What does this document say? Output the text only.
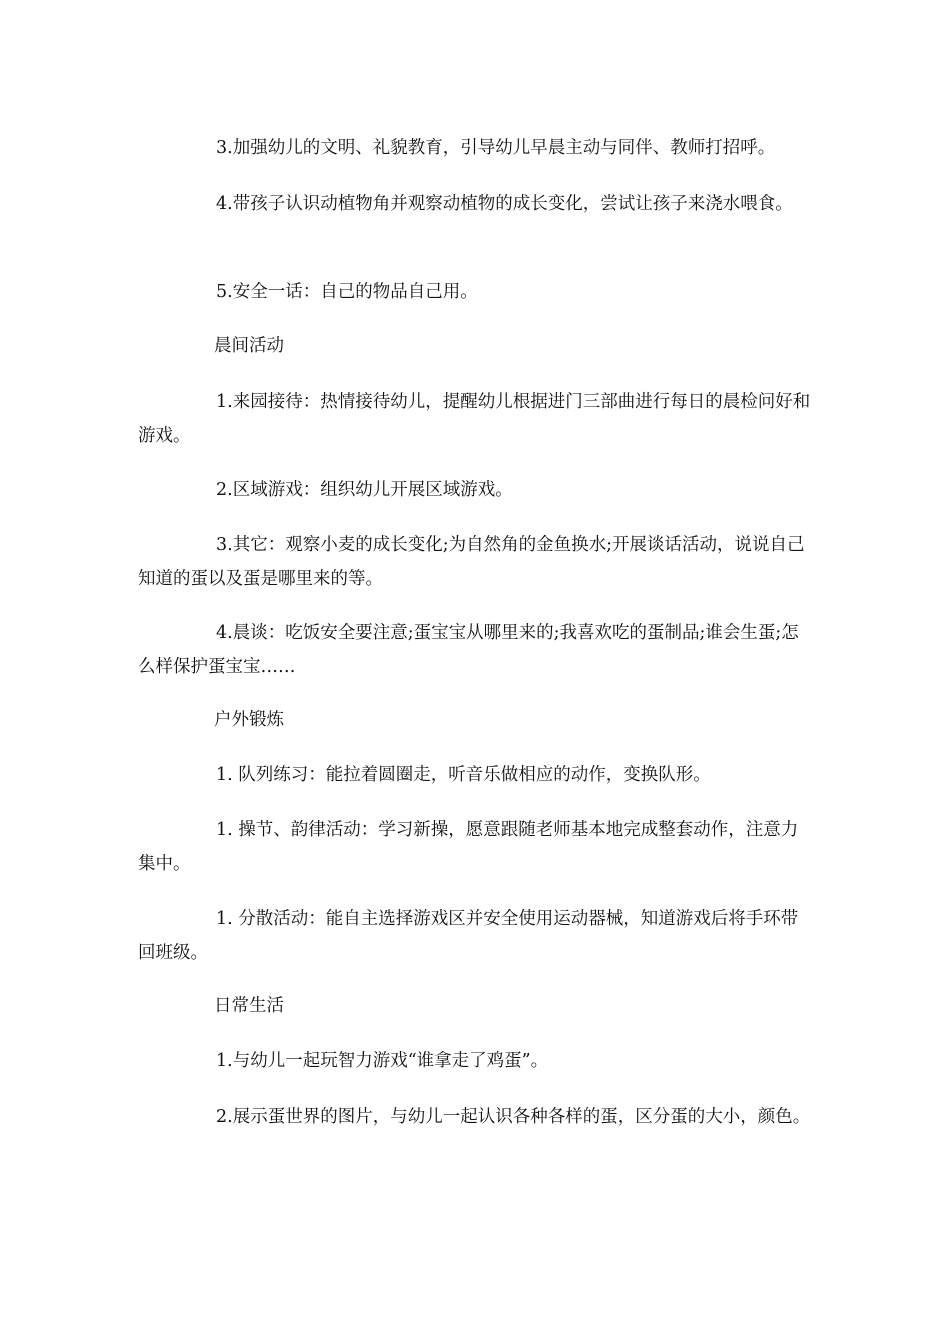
3.加强幼儿的文明、礼貌教育，引导幼儿早晨主动与同伴、教师打招呼。

4.带孩子认识动植物角并观察动植物的成长变化，尝试让孩子来浇水喂食。

5.安全一话：自己的物品自己用。

晨间活动

1.来园接待：热情接待幼儿，提醒幼儿根据进门三部曲进行每日的晨检问好和游戏。

2.区域游戏：组织幼儿开展区域游戏。

3.其它：观察小麦的成长变化;为自然角的金鱼换水;开展谈话活动，说说自己知道的蛋以及蛋是哪里来的等。

4.晨谈：吃饭安全要注意;蛋宝宝从哪里来的;我喜欢吃的蛋制品;谁会生蛋;怎么样保护蛋宝宝……

户外锻炼

1. 队列练习：能拉着圆圈走，听音乐做相应的动作，变换队形。

1. 操节、韵律活动：学习新操，愿意跟随老师基本地完成整套动作，注意力集中。

1. 分散活动：能自主选择游戏区并安全使用运动器械，知道游戏后将手环带回班级。

日常生活

1.与幼儿一起玩智力游戏“谁拿走了鸡蛋”。

2.展示蛋世界的图片，与幼儿一起认识各种各样的蛋，区分蛋的大小，颜色。
